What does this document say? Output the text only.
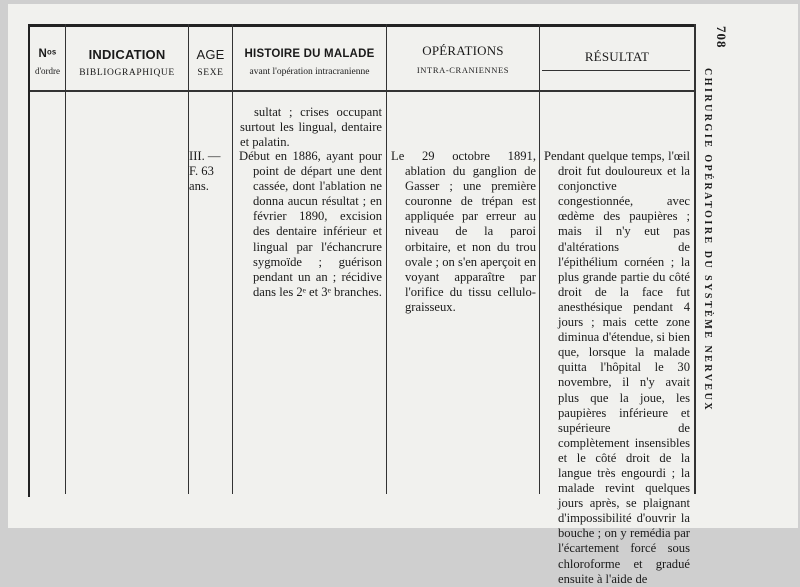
Nᵒˢ
d'ordre
INDICATION
BIBLIOGRAPHIQUE
AGE
SEXE
HISTOIRE DU MALADE
avant l'opération intracranienne
OPÉRATIONS
INTRA-CRANIENNES
RÉSULTAT

sultat ; crises occupant surtout les lingual, dentaire et palatin.

III. — F. 63 ans.

Début en 1886, ayant pour point de départ une dent cassée, dont l'ablation ne donna aucun résultat ; en février 1890, excision des dentaire inférieur et lingual par l'échancrure sygmoïde ; guérison pendant un an ; récidive dans les 2ᵉ et 3ᵉ branches.

Le 29 octobre 1891, ablation du ganglion de Gasser ; une première couronne de trépan est appliquée par erreur au niveau de la paroi orbitaire, et non du trou ovale ; on s'en aperçoit en voyant apparaître par l'orifice du tissu cellulo-graisseux.

Pendant quelque temps, l'œil droit fut douloureux et la conjonctive congestionnée, avec œdème des paupières ; mais il n'y eut pas d'altérations de l'épithélium cornéen ; la plus grande partie du côté droit de la face fut anesthésique pendant 4 jours ; mais cette zone diminua d'étendue, si bien que, lorsque la malade quitta l'hôpital le 30 novembre, il n'y avait plus que la joue, les paupières inférieure et supérieure de complètement insensibles et le côté droit de la langue très engourdi ; la malade revint quelques jours après, se plaignant d'impossibilité d'ouvrir la bouche ; on y remédia par l'écartement forcé sous chloroforme et gradué ensuite à l'aide de

708
CHIRURGIE OPÉRATOIRE DU SYSTÈME NERVEUX
